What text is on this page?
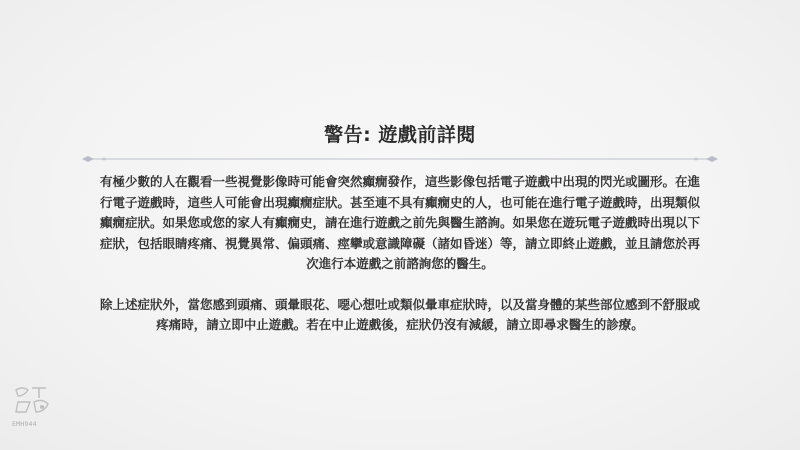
警告: 遊戲前詳閱

有極少數的人在觀看一些視覺影像時可能會突然癲癇發作，這些影像包括電子遊戲中出現的閃光或圖形。在進行電子遊戲時，這些人可能會出現癲癇症狀。甚至連不具有癲癇史的人，也可能在進行電子遊戲時，出現類似癲癇症狀。如果您或您的家人有癲癇史，請在進行遊戲之前先與醫生諮詢。如果您在遊玩電子遊戲時出現以下症狀，包括眼睛疼痛、視覺異常、偏頭痛、痙攣或意識障礙（諸如昏迷）等，請立即終止遊戲，並且請您於再次進行本遊戲之前諮詢您的醫生。

除上述症狀外，當您感到頭痛、頭暈眼花、噁心想吐或類似暈車症狀時，以及當身體的某些部位感到不舒服或疼痛時，請立即中止遊戲。若在中止遊戲後，症狀仍沒有減緩，請立即尋求醫生的診療。

EMH944
